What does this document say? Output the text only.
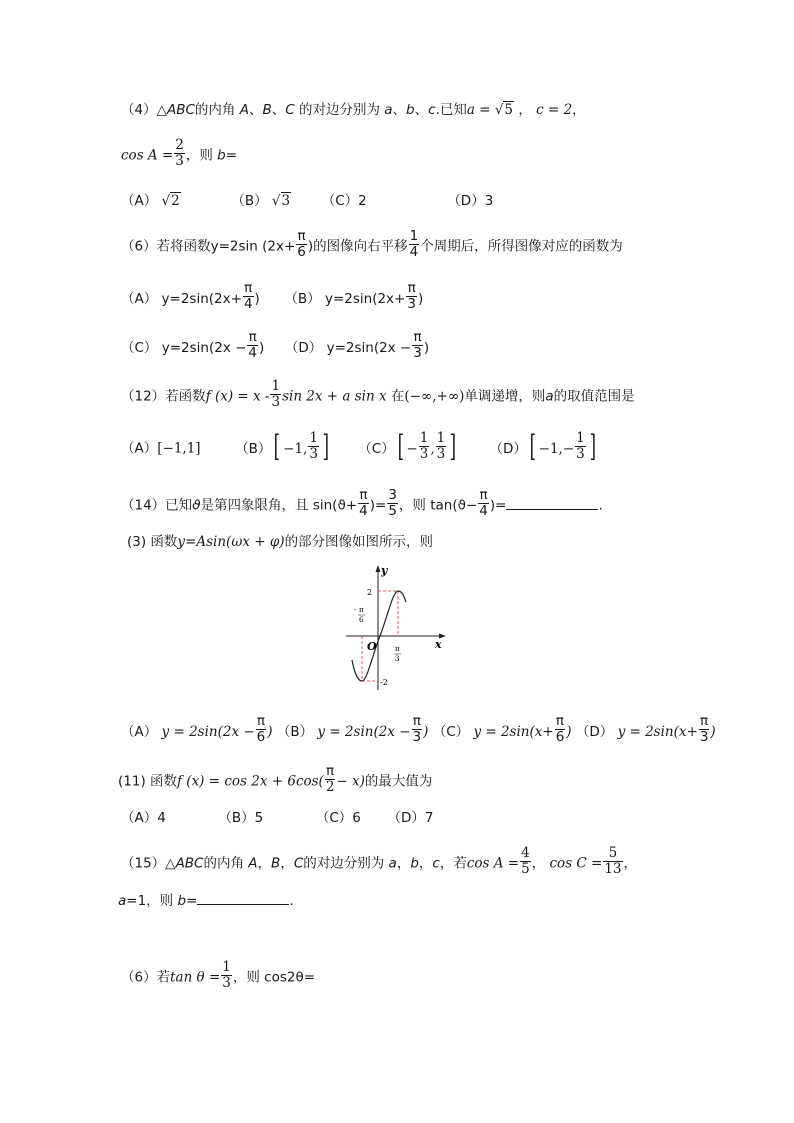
（4）△ABC的内角 A、B、C 的对边分别为 a、b、c.已知a = √5 ， c = 2，
$\cos A = \frac{2}{3}$ ，则 b=
（A） √2	（B） √3 （C）2	（D）3
（6）若将函数y=2sin ($2x+ \frac{\pi}{6}$ )的图像向右平移 $\frac{1}{4}$ 个周期后，所得图像对应的函数为
（A） $y=2\sin(2x+ \frac{\pi}{4}$ ) （B） $y=2\sin(2x+ \frac{\pi}{3}$ )
（C） $y=2\sin(2x - \frac{\pi}{4}$ ) （D） $y=2\sin(2x - \frac{\pi}{3}$ )
（12）若函数f $(x) = x - \frac{1}{3}$ sin 2x + a sin x 在(−∞,+∞)单调递增，则a的取值范围是
（A）[−1,1]	（B）[ −1, $\frac{1}{3}$ ] $(C)[ - \frac{1}{3}$ , $\frac{1}{3}$ ] $(D)[ -1,- \frac{1}{3}$ ]
（14）已知ϑ是第四象限角，且 $\sin(ϑ+ \frac{\pi}{4}$ )= $\frac{3}{5}$ ，则 $\tan(ϑ- \frac{\pi}{4}$ )=	.
(3) 函数y=Asin(ωx + φ)的部分图像如图所示，则
y
x
O
2
-2
- π
6
π
3
（A） $y = 2\sin(2x - \frac{\pi}{6}$ ) （B） $y = 2\sin(2x - \frac{\pi}{3}$ ) （C） $y = 2\sin(x+ \frac{\pi}{6}$ ) （D） $y = 2\sin(x+ \frac{\pi}{3}$ )
(11) 函数f $(x) = \cos 2x + 6\cos( \frac{\pi}{2} - x)$的最大值为
（A）4	（B）5	（C）6 （D）7
（15）△ABC的内角 A，B，C的对边分别为 a，b，c，若$\cos A = \frac{4}{5}$ ， $\cos C = \frac{5}{13}$ ，
a=1，则 b=	.
（6）若$\tan \theta = \frac{1}{3}$ ，则 cos2θ=
